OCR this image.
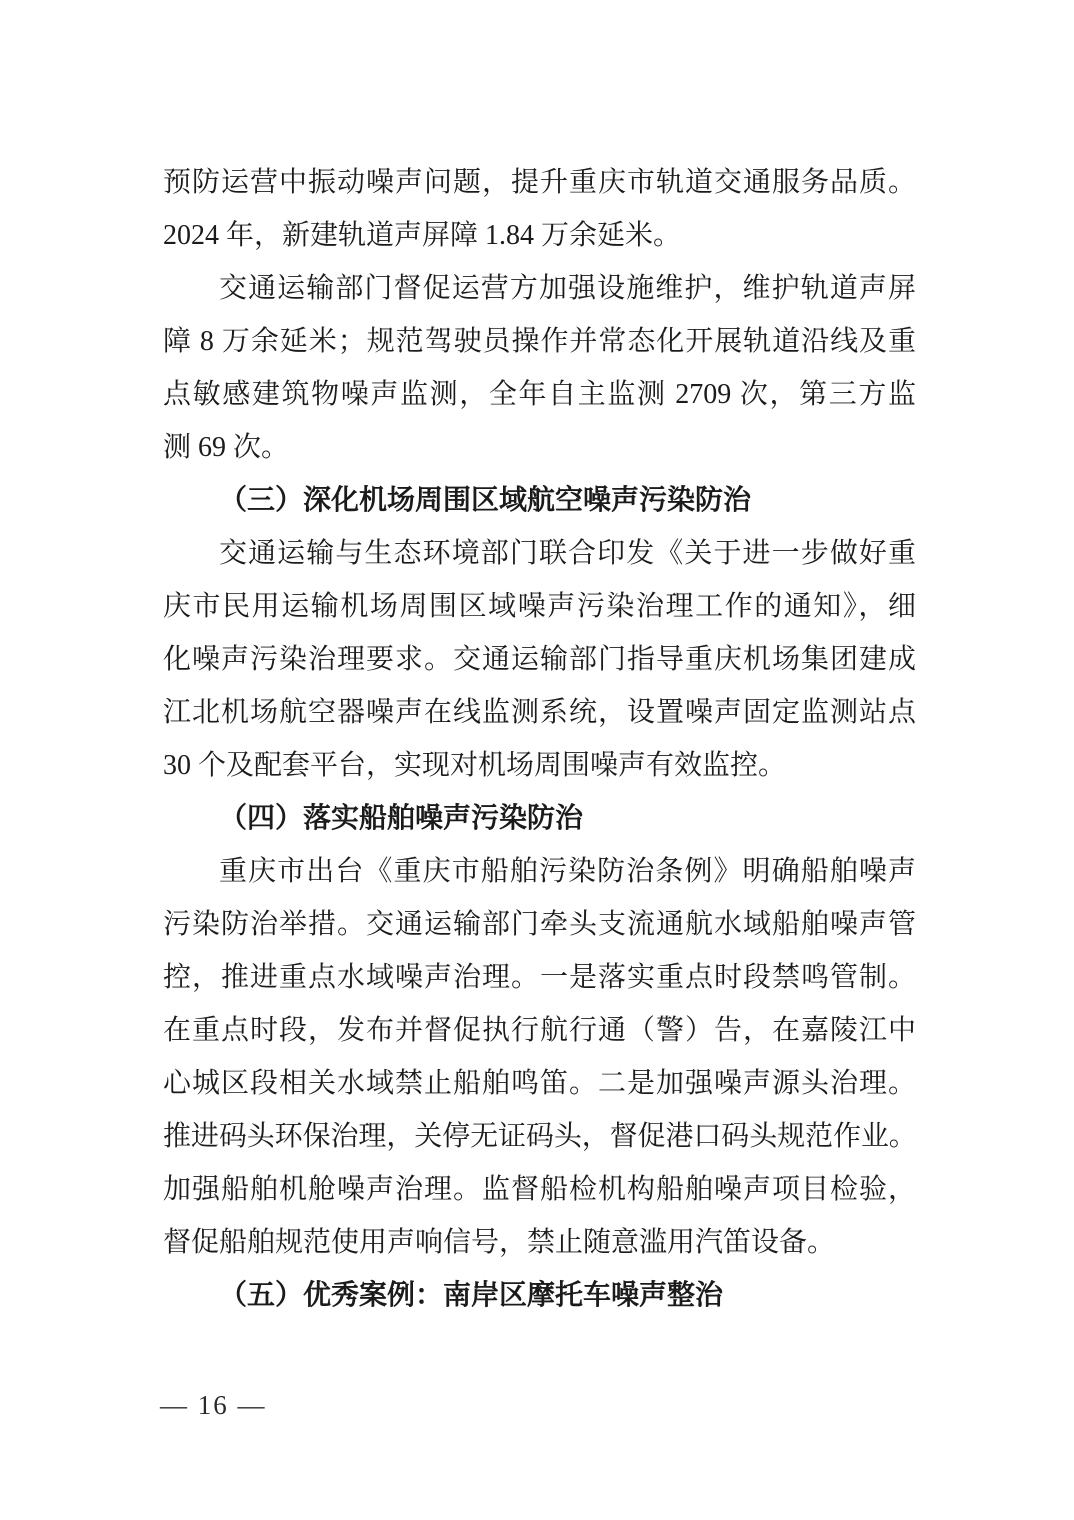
预防运营中振动噪声问题，提升重庆市轨道交通服务品质。
2024 年，新建轨道声屏障 1.84 万余延米。
交通运输部门督促运营方加强设施维护，维护轨道声屏
障 8 万余延米；规范驾驶员操作并常态化开展轨道沿线及重
点敏感建筑物噪声监测，全年自主监测 2709 次，第三方监
测 69 次。
（三）深化机场周围区域航空噪声污染防治
交通运输与生态环境部门联合印发《关于进一步做好重
庆市民用运输机场周围区域噪声污染治理工作的通知》，细
化噪声污染治理要求。交通运输部门指导重庆机场集团建成
江北机场航空器噪声在线监测系统，设置噪声固定监测站点
30 个及配套平台，实现对机场周围噪声有效监控。
（四）落实船舶噪声污染防治
重庆市出台《重庆市船舶污染防治条例》明确船舶噪声
污染防治举措。交通运输部门牵头支流通航水域船舶噪声管
控，推进重点水域噪声治理。一是落实重点时段禁鸣管制。
在重点时段，发布并督促执行航行通（警）告，在嘉陵江中
心城区段相关水域禁止船舶鸣笛。二是加强噪声源头治理。
推进码头环保治理，关停无证码头，督促港口码头规范作业。
加强船舶机舱噪声治理。监督船检机构船舶噪声项目检验，
督促船舶规范使用声响信号，禁止随意滥用汽笛设备。
（五）优秀案例：南岸区摩托车噪声整治
— 16 —
